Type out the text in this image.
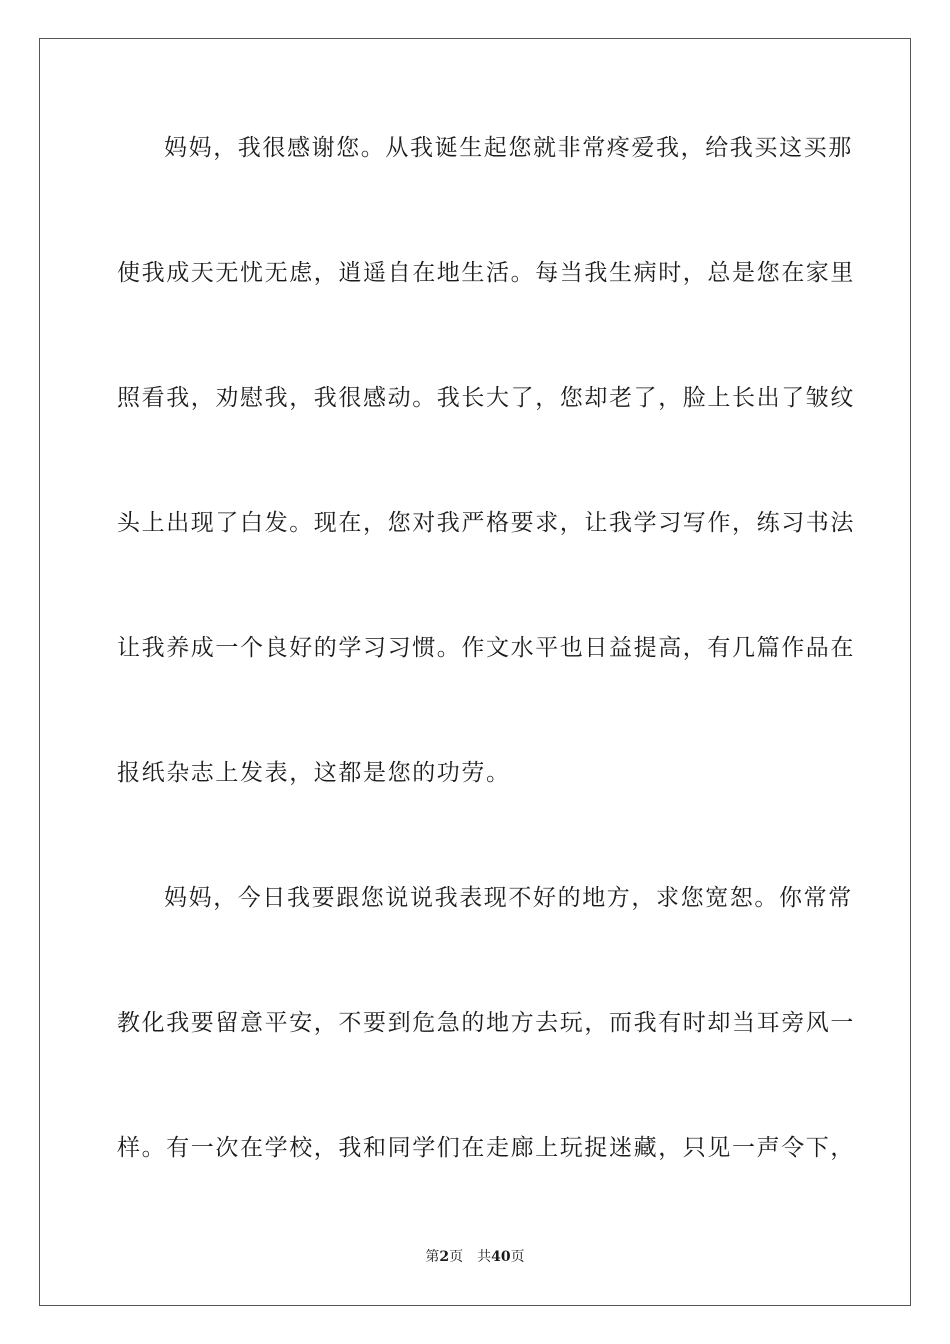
妈妈，我很感谢您。从我诞生起您就非常疼爱我，给我买这买那

使我成天无忧无虑，逍遥自在地生活。每当我生病时，总是您在家里

照看我，劝慰我，我很感动。我长大了，您却老了，脸上长出了皱纹

头上出现了白发。现在，您对我严格要求，让我学习写作，练习书法

让我养成一个良好的学习习惯。作文水平也日益提高，有几篇作品在

报纸杂志上发表，这都是您的功劳。

妈妈，今日我要跟您说说我表现不好的地方，求您宽恕。你常常

教化我要留意平安，不要到危急的地方去玩，而我有时却当耳旁风一

样。有一次在学校，我和同学们在走廊上玩捉迷藏，只见一声令下，

第2页 共40页
